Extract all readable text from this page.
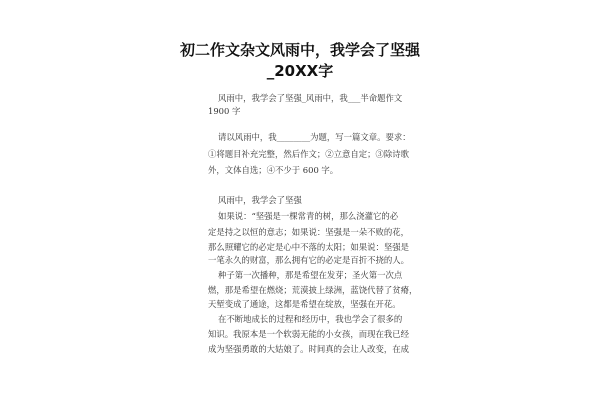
初二作文杂文风雨中，我学会了坚强
_20XX字
风雨中，我学会了坚强_风雨中，我___半命题作文
1900 字
请以风雨中，我________为题，写一篇文章。要求：
①将题目补充完整，然后作文；②立意自定；③除诗歌
外，文体自选；④不少于 600 字。
风雨中，我学会了坚强
如果说：“坚强是一棵常青的树，那么浇灌它的必
定是持之以恒的意志；如果说：坚强是一朵不败的花，
那么照耀它的必定是心中不落的太阳；如果说：坚强是
一笔永久的财富，那么拥有它的必定是百折不挠的人。
种子第一次播种，那是希望在发芽；圣火第一次点
燃，那是希望在燃烧；荒漠披上绿洲，蓝饶代替了贫瘠，
天堑变成了通途，这都是希望在绽放，坚强在开花。
在不断地成长的过程和经历中，我也学会了很多的
知识。我原本是一个软弱无能的小女孩，而现在我已经
成为坚强勇敢的大姑娘了。时间真的会让人改变，在成
